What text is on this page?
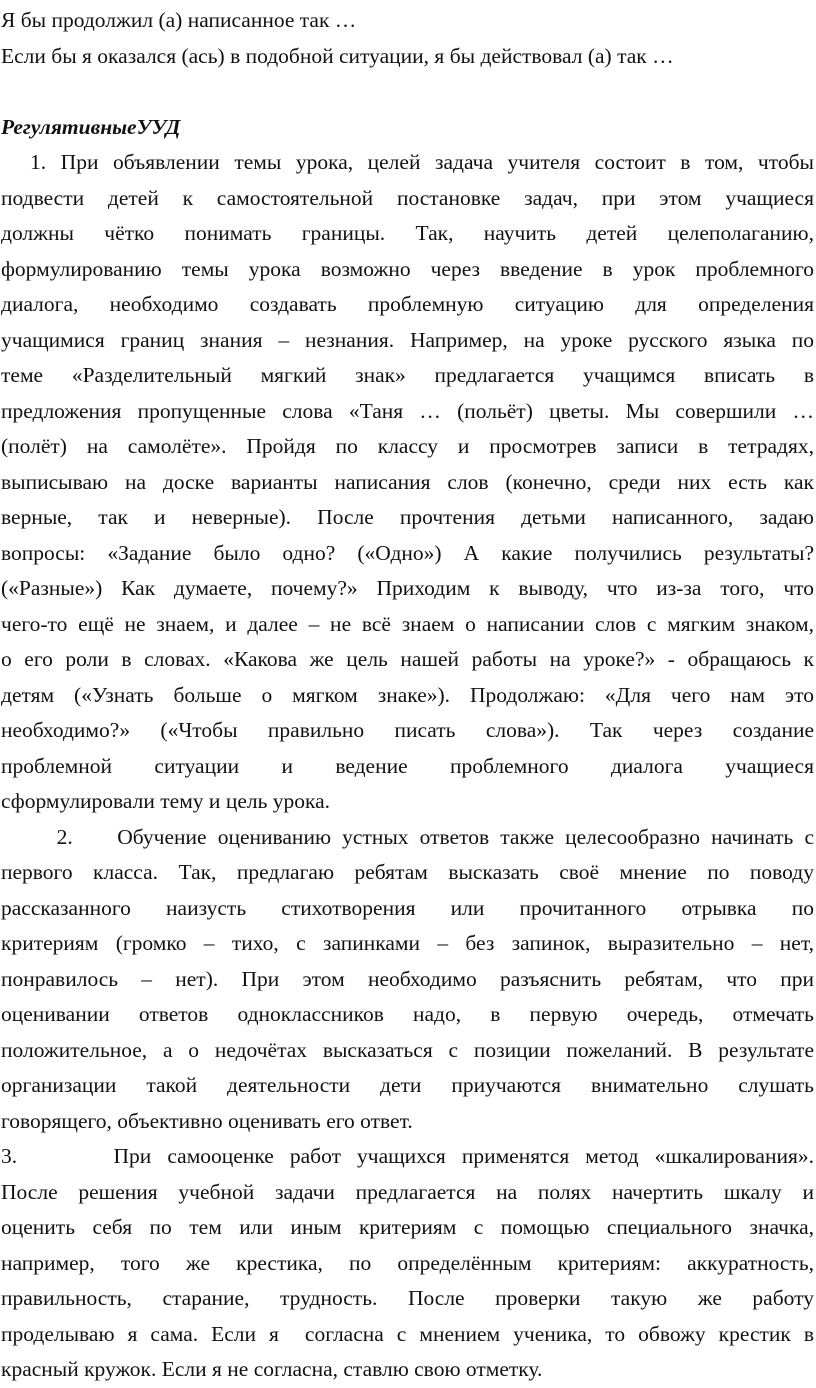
Я бы продолжил (а) написанное так …
Если бы я оказался (ась) в подобной ситуации, я бы действовал (а) так …
РегулятивныеУУД
1. При объявлении темы урока, целей задача учителя состоит в том, чтобы
подвести детей к самостоятельной постановке задач, при этом учащиеся
должны чётко понимать границы. Так, научить детей целеполаганию,
формулированию темы урока возможно через введение в урок проблемного
диалога, необходимо создавать проблемную ситуацию для определения
учащимися границ знания – незнания. Например, на уроке русского языка по
теме «Разделительный мягкий знак» предлагается учащимся вписать в
предложения пропущенные слова «Таня … (польёт) цветы. Мы совершили …
(полёт) на самолёте». Пройдя по классу и просмотрев записи в тетрадях,
выписываю на доске варианты написания слов (конечно, среди них есть как
верные, так и неверные). После прочтения детьми написанного, задаю
вопросы: «Задание было одно? («Одно») А какие получились результаты?
(«Разные») Как думаете, почему?» Приходим к выводу, что из-за того, что
чего-то ещё не знаем, и далее – не всё знаем о написании слов с мягким знаком,
о его роли в словах. «Какова же цель нашей работы на уроке?» - обращаюсь к
детям («Узнать больше о мягком знаке»). Продолжаю: «Для чего нам это
необходимо?» («Чтобы правильно писать слова»). Так через создание
проблемной ситуации и ведение проблемного диалога учащиеся
сформулировали тему и цель урока.
2.    Обучение оцениванию устных ответов также целесообразно начинать с
первого класса. Так, предлагаю ребятам высказать своё мнение по поводу
рассказанного наизусть стихотворения или прочитанного отрывка по
критериям (громко – тихо, с запинками – без запинок, выразительно – нет,
понравилось – нет). При этом необходимо разъяснить ребятам, что при
оценивании ответов одноклассников надо, в первую очередь, отмечать
положительное, а о недочётах высказаться с позиции пожеланий. В результате
организации такой деятельности дети приучаются внимательно слушать
говорящего, объективно оценивать его ответ.
3.      При самооценке работ учащихся применятся метод «шкалирования».
После решения учебной задачи предлагается на полях начертить шкалу и
оценить себя по тем или иным критериям с помощью специального значка,
например, того же крестика, по определённым критериям: аккуратность,
правильность, старание, трудность. После проверки такую же работу
проделываю я сама. Если я  согласна с мнением ученика, то обвожу крестик в
красный кружок. Если я не согласна, ставлю свою отметку.
